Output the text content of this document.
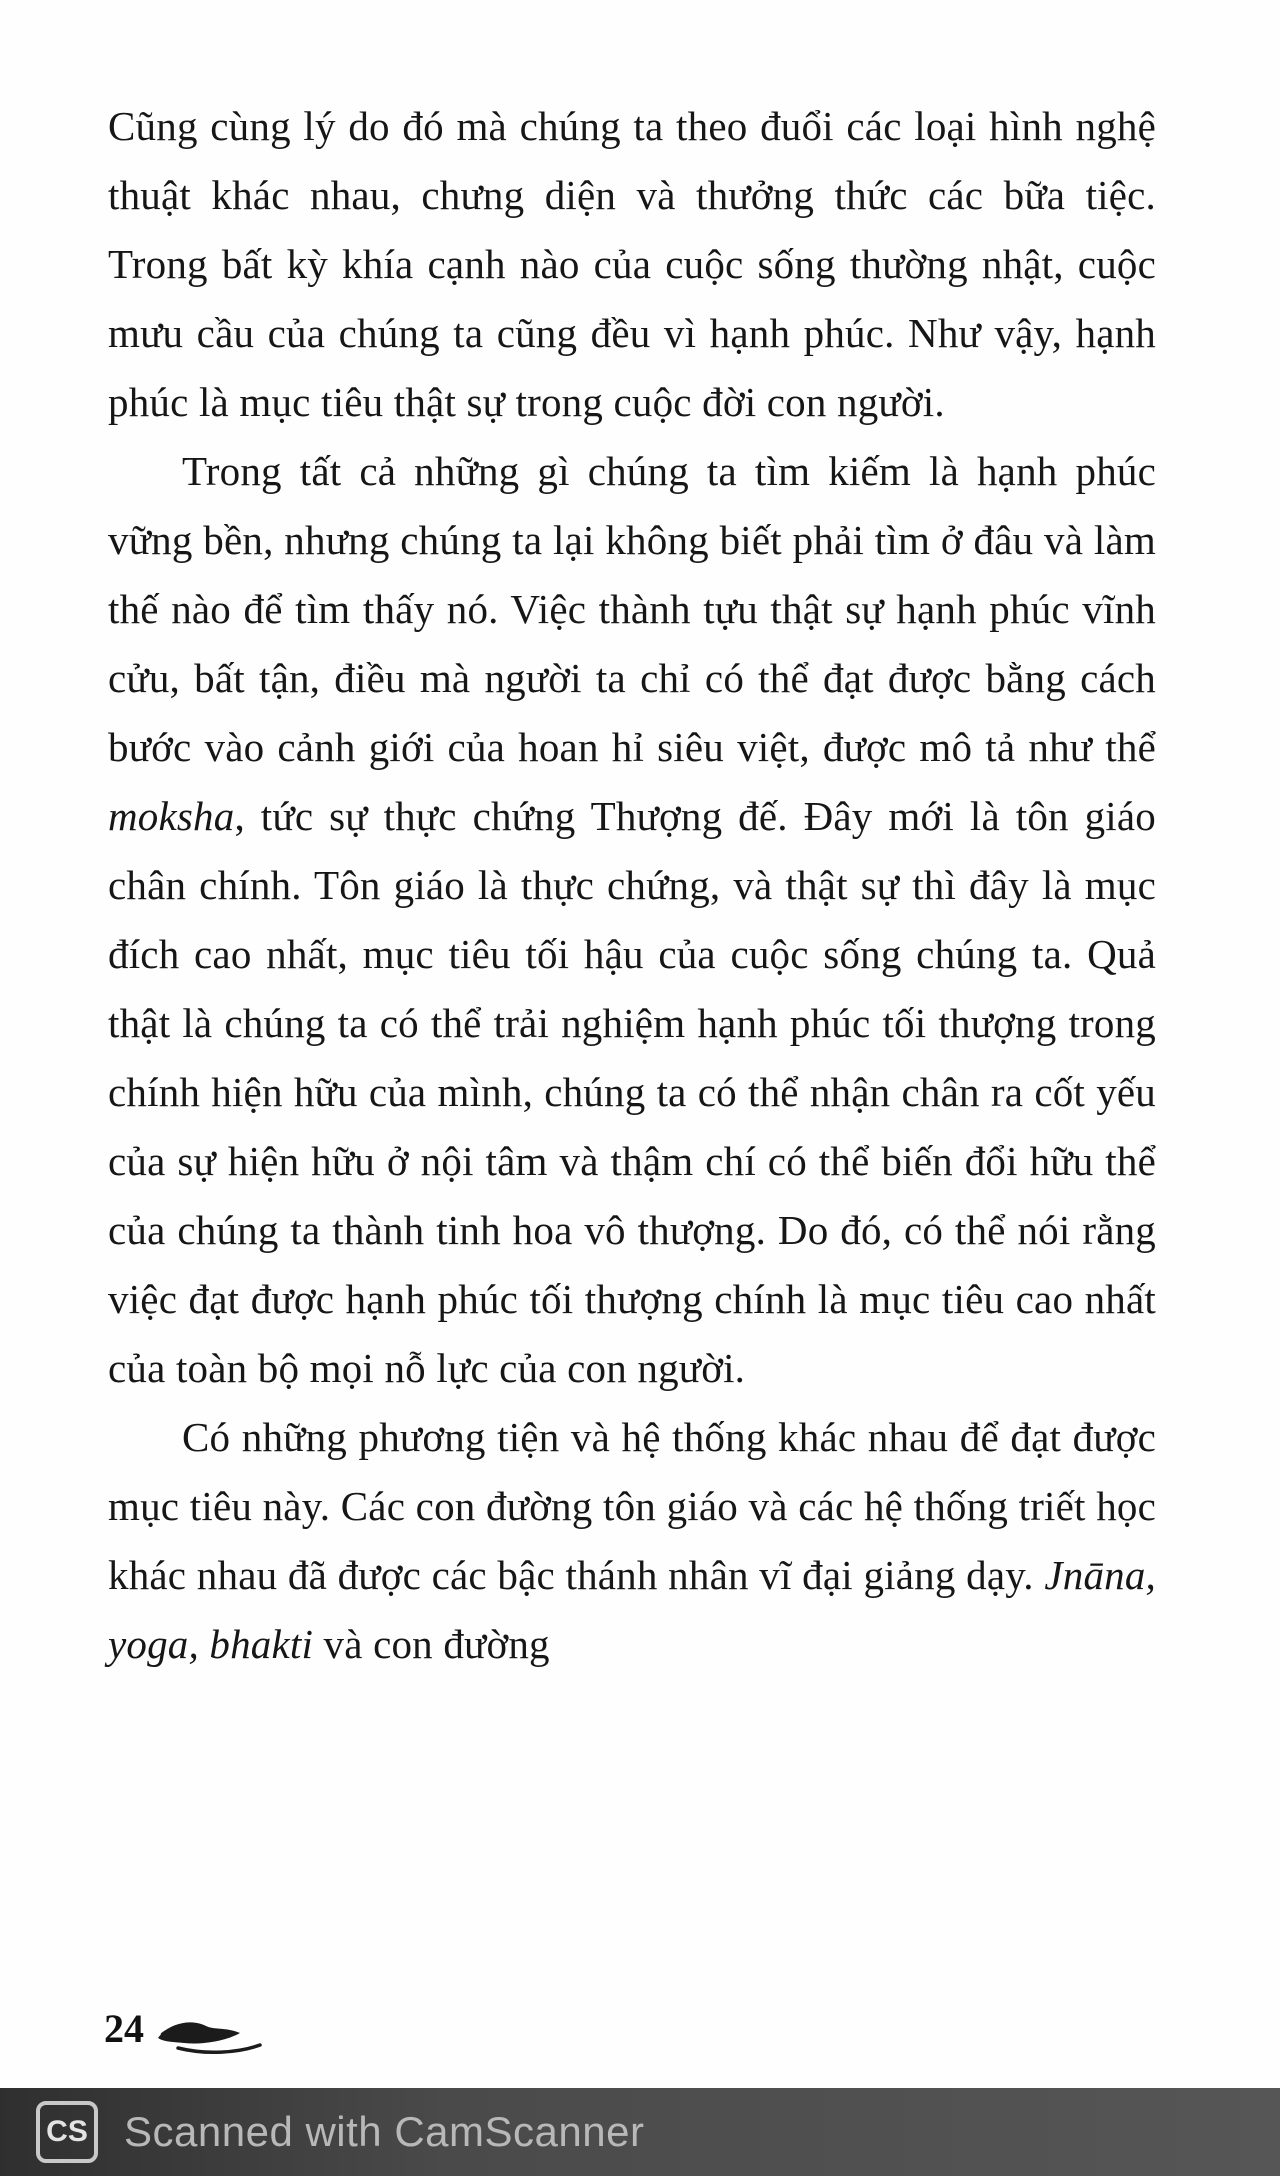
Cũng cùng lý do đó mà chúng ta theo đuổi các loại hình nghệ thuật khác nhau, chưng diện và thưởng thức các bữa tiệc. Trong bất kỳ khía cạnh nào của cuộc sống thường nhật, cuộc mưu cầu của chúng ta cũng đều vì hạnh phúc. Như vậy, hạnh phúc là mục tiêu thật sự trong cuộc đời con người.

Trong tất cả những gì chúng ta tìm kiếm là hạnh phúc vững bền, nhưng chúng ta lại không biết phải tìm ở đâu và làm thế nào để tìm thấy nó. Việc thành tựu thật sự hạnh phúc vĩnh cửu, bất tận, điều mà người ta chỉ có thể đạt được bằng cách bước vào cảnh giới của hoan hỉ siêu việt, được mô tả như thể moksha, tức sự thực chứng Thượng đế. Đây mới là tôn giáo chân chính. Tôn giáo là thực chứng, và thật sự thì đây là mục đích cao nhất, mục tiêu tối hậu của cuộc sống chúng ta. Quả thật là chúng ta có thể trải nghiệm hạnh phúc tối thượng trong chính hiện hữu của mình, chúng ta có thể nhận chân ra cốt yếu của sự hiện hữu ở nội tâm và thậm chí có thể biến đổi hữu thể của chúng ta thành tinh hoa vô thượng. Do đó, có thể nói rằng việc đạt được hạnh phúc tối thượng chính là mục tiêu cao nhất của toàn bộ mọi nỗ lực của con người.

Có những phương tiện và hệ thống khác nhau để đạt được mục tiêu này. Các con đường tôn giáo và các hệ thống triết học khác nhau đã được các bậc thánh nhân vĩ đại giảng dạy. Jnāna, yoga, bhakti và con đường

24
CS Scanned with CamScanner
